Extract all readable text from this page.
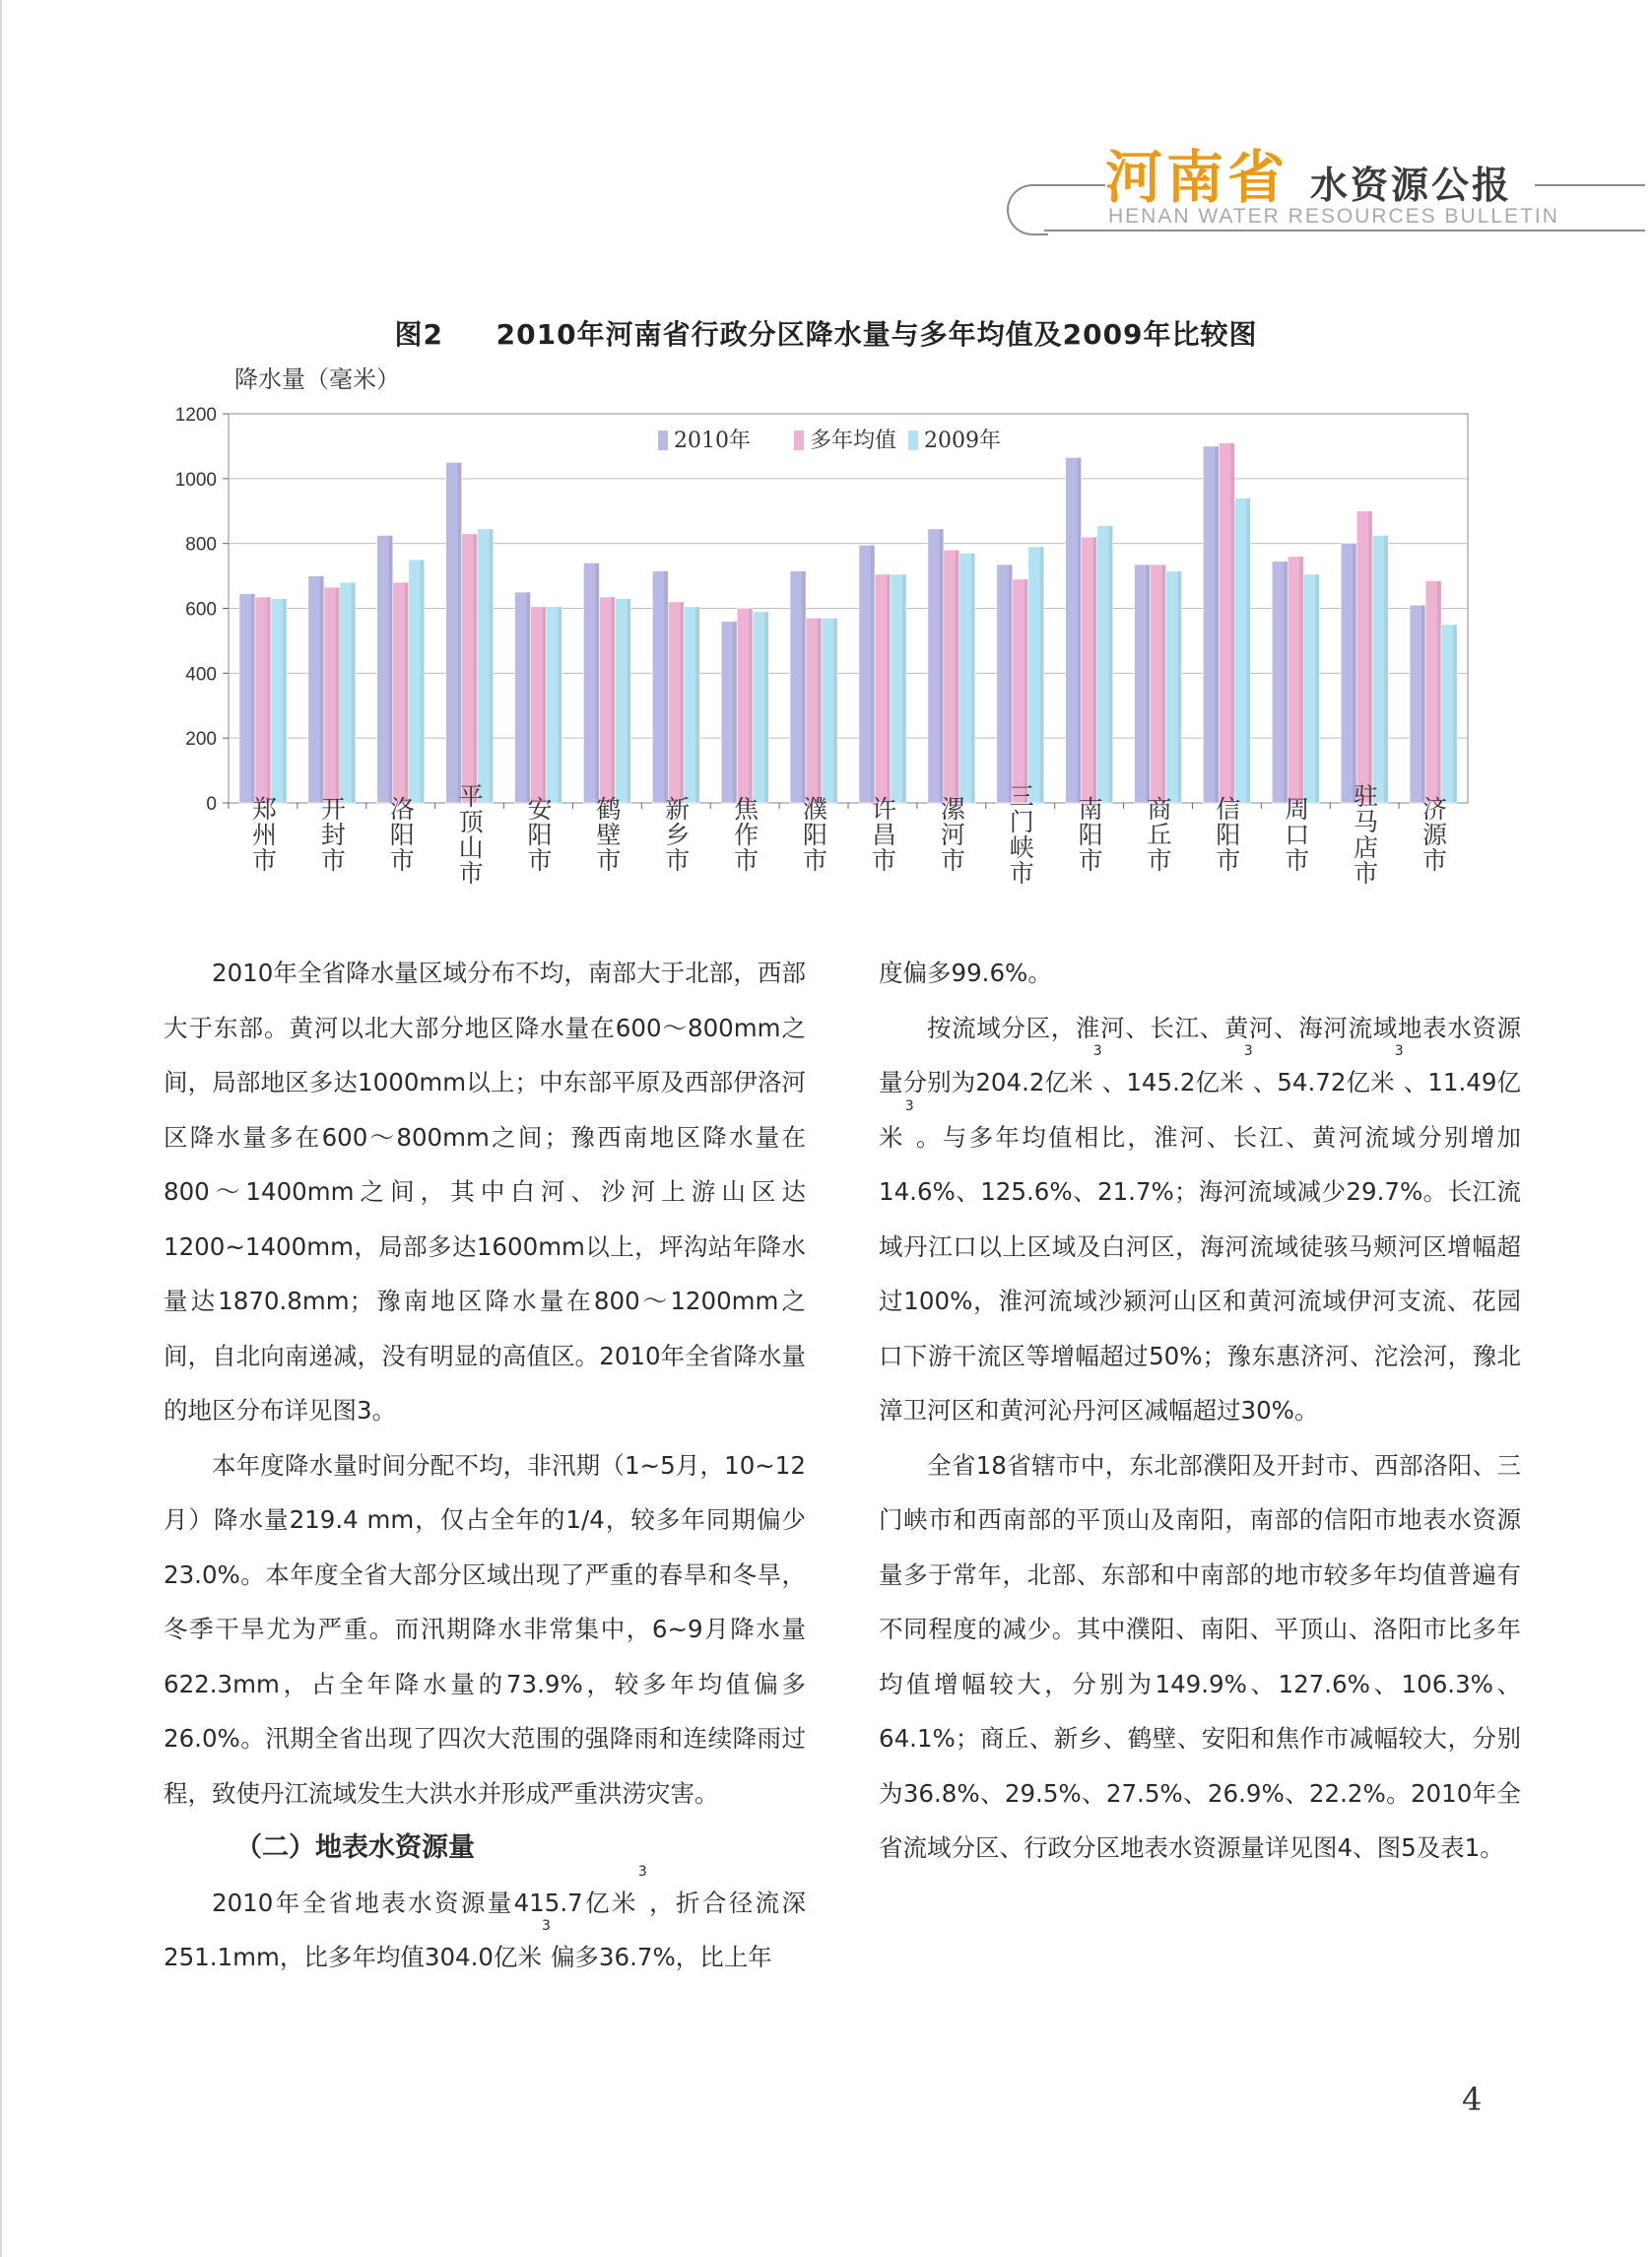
河南省 水资源公报
HENAN WATER RESOURCES BULLETIN
图2 2010年河南省行政分区降水量与多年均值及2009年比较图
降水量（毫米）
0
200
400
600
800
1000
1200
郑州市 开封市 洛阳市 平顶山市 安阳市 鹤壁市 新乡市 焦作市 濮阳市 许昌市 漯河市 三门峡市 南阳市 商丘市 信阳市 周口市 驻马店市 济源市
2010年	多年均值 2009年

2010年全省降水量区域分布不均，南部大于北部，西部大于东部。黄河以北大部分地区降水量在600～800mm之间，局部地区多达1000mm以上；中东部平原及西部伊洛河区降水量多在600～800mm之间；豫西南地区降水量在800～1400mm之间，其中白河、沙河上游山区达1200~1400mm，局部多达1600mm以上，坪沟站年降水量达1870.8mm；豫南地区降水量在800～1200mm之间，自北向南递减，没有明显的高值区。2010年全省降水量的地区分布详见图3。

本年度降水量时间分配不均，非汛期（1~5月，10~12月）降水量219.4 mm，仅占全年的1/4，较多年同期偏少23.0%。本年度全省大部分区域出现了严重的春旱和冬旱，冬季干旱尤为严重。而汛期降水非常集中，6~9月降水量622.3mm，占全年降水量的73.9%，较多年均值偏多26.0%。汛期全省出现了四次大范围的强降雨和连续降雨过程，致使丹江流域发生大洪水并形成严重洪涝灾害。

（二）地表水资源量

2010年全省地表水资源量415.7亿米$^3$，折合径流深251.1mm，比多年均值304.0亿米$^3$偏多36.7%，比上年

度偏多99.6%。

按流域分区，淮河、长江、黄河、海河流域地表水资源量分别为204.2亿米$^3$、145.2亿米$^3$、54.72亿米$^3$、11.49亿米$^3$。与多年均值相比，淮河、长江、黄河流域分别增加14.6%、125.6%、21.7%；海河流域减少29.7%。长江流域丹江口以上区域及白河区，海河流域徒骇马颊河区增幅超过100%，淮河流域沙颍河山区和黄河流域伊河支流、花园口下游干流区等增幅超过50%；豫东惠济河、沱浍河，豫北漳卫河区和黄河沁丹河区减幅超过30%。

全省18省辖市中，东北部濮阳及开封市、西部洛阳、三门峡市和西南部的平顶山及南阳，南部的信阳市地表水资源量多于常年，北部、东部和中南部的地市较多年均值普遍有不同程度的减少。其中濮阳、南阳、平顶山、洛阳市比多年均值增幅较大，分别为149.9%、127.6%、106.3%、64.1%；商丘、新乡、鹤壁、安阳和焦作市减幅较大，分别为36.8%、29.5%、27.5%、26.9%、22.2%。2010年全省流域分区、行政分区地表水资源量详见图4、图5及表1。

4
